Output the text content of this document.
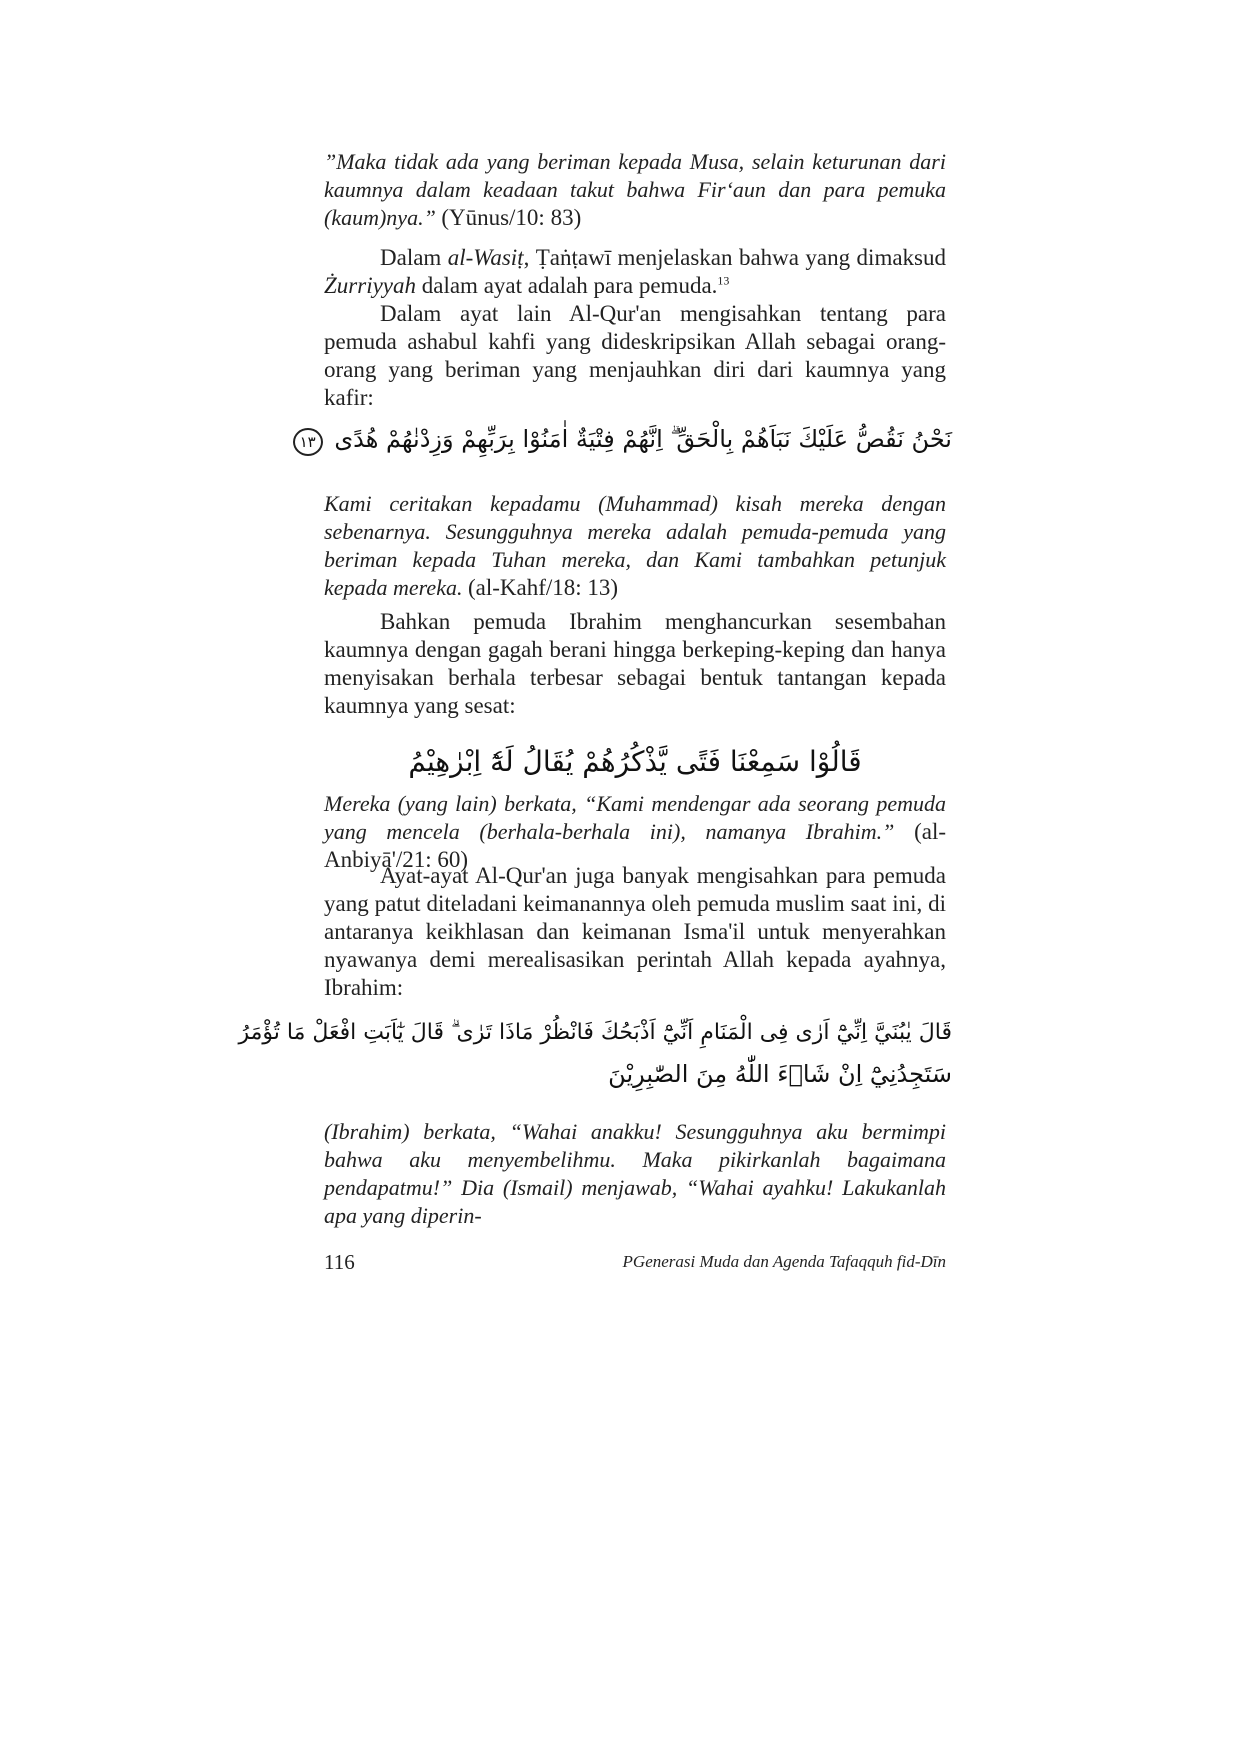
”Maka tidak ada yang beriman kepada Musa, selain keturunan dari kaumnya dalam keadaan takut bahwa Fir‘aun dan para pemuka (kaum)nya.” (Yūnus/10: 83)

Dalam al-Wasiṭ, Ṭaṅṭawī menjelaskan bahwa yang dimaksud Żurriyyah dalam ayat adalah para pemuda.$^{13}$

Dalam ayat lain Al-Qur'an mengisahkan tentang para pemuda ashabul kahfi yang dideskripsikan Allah sebagai orang-orang yang beriman yang menjauhkan diri dari kaumnya yang kafir:

نَحْنُ نَقُصُّ عَلَيْكَ نَبَاَهُمْ بِالْحَقِّ ۗ اِنَّهُمْ فِتْيَةٌ اٰمَنُوْا بِرَبِّهِمْ وَزِدْنٰهُمْ هُدًى ١٣

Kami ceritakan kepadamu (Muhammad) kisah mereka dengan sebenarnya. Sesungguhnya mereka adalah pemuda-pemuda yang beriman kepada Tuhan mereka, dan Kami tambahkan petunjuk kepada mereka. (al-Kahf/18: 13)

Bahkan pemuda Ibrahim menghancurkan sesembahan kaumnya dengan gagah berani hingga berkeping-keping dan hanya menyisakan berhala terbesar sebagai bentuk tantangan kepada kaumnya yang sesat:

قَالُوْا سَمِعْنَا فَتًى يَّذْكُرُهُمْ يُقَالُ لَهٗٓ اِبْرٰهِيْمُ

Mereka (yang lain) berkata, “Kami mendengar ada seorang pemuda yang mencela (berhala-berhala ini), namanya Ibrahim.” (al-Anbiyā'/21: 60)

Ayat-ayat Al-Qur'an juga banyak mengisahkan para pemuda yang patut diteladani keimanannya oleh pemuda muslim saat ini, di antaranya keikhlasan dan keimanan Isma'il untuk menyerahkan nyawanya demi merealisasikan perintah Allah kepada ayahnya, Ibrahim:

قَالَ يٰبُنَيَّ اِنِّيْٓ اَرٰى فِى الْمَنَامِ اَنِّيْٓ اَذْبَحُكَ فَانْظُرْ مَاذَا تَرٰى ۗ قَالَ يٰٓاَبَتِ افْعَلْ مَا تُؤْمَرُ
سَتَجِدُنِيْٓ اِنْ شَاۤءَ اللّٰهُ مِنَ الصّٰبِرِيْنَ

(Ibrahim) berkata, “Wahai anakku! Sesungguhnya aku bermimpi bahwa aku menyembelihmu. Maka pikirkanlah bagaimana pendapatmu!” Dia (Ismail) menjawab, “Wahai ayahku! Lakukanlah apa yang diperin-

116	PGenerasi Muda dan Agenda Tafaqquh fid-Dīn
